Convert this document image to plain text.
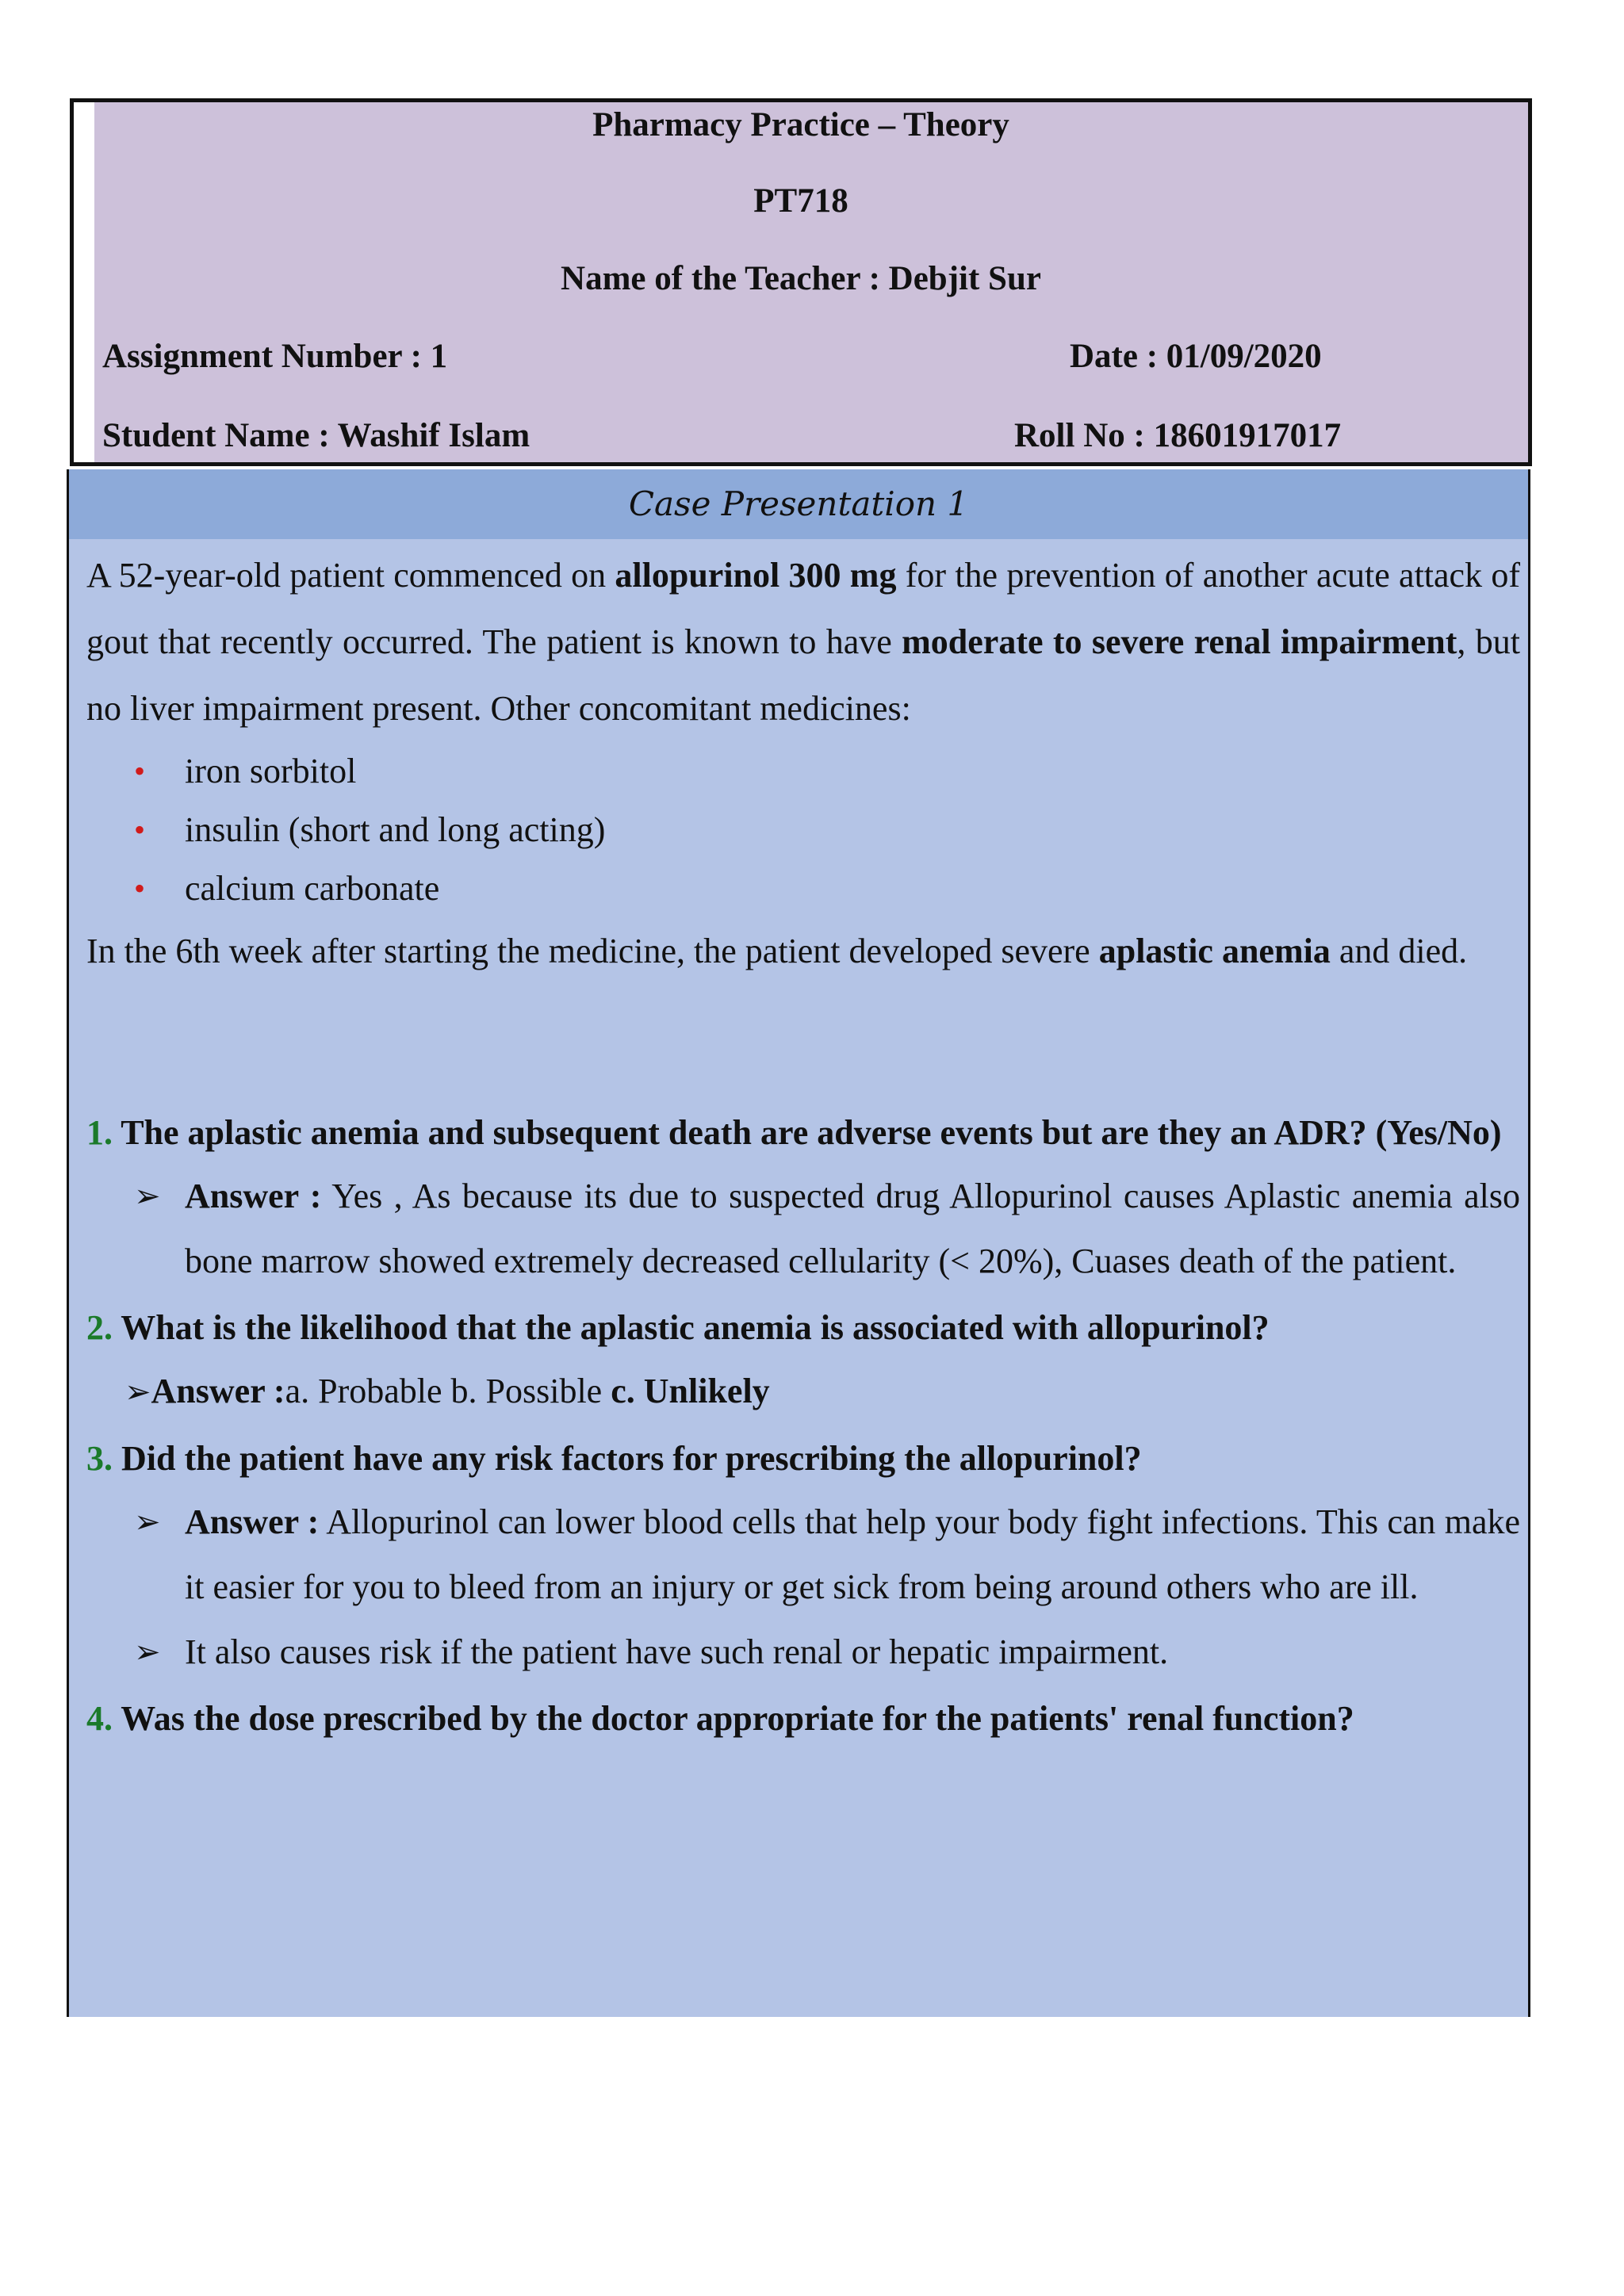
Pharmacy Practice – Theory
PT718
Name of the Teacher : Debjit Sur
Assignment Number : 1	Date : 01/09/2020
Student Name : Washif Islam	Roll No : 18601917017
Case Presentation 1

A 52-year-old patient commenced on allopurinol 300 mg for the prevention of another acute attack of gout that recently occurred. The patient is known to have moderate to severe renal impairment, but no liver impairment present. Other concomitant medicines:

• iron sorbitol
• insulin (short and long acting)
• calcium carbonate

In the 6th week after starting the medicine, the patient developed severe aplastic anemia and died.

1. The aplastic anemia and subsequent death are adverse events but are they an ADR? (Yes/No)
➢ Answer : Yes , As because its due to suspected drug Allopurinol causes Aplastic anemia also bone marrow showed extremely decreased cellularity (< 20%), Cuases death of the patient.
2. What is the likelihood that the aplastic anemia is associated with allopurinol?
➢Answer :a. Probable b. Possible c. Unlikely
3. Did the patient have any risk factors for prescribing the allopurinol?
➢ Answer : Allopurinol can lower blood cells that help your body fight infections. This can make it easier for you to bleed from an injury or get sick from being around others who are ill.
➢ It also causes risk if the patient have such renal or hepatic impairment.
4. Was the dose prescribed by the doctor appropriate for the patients' renal function?
